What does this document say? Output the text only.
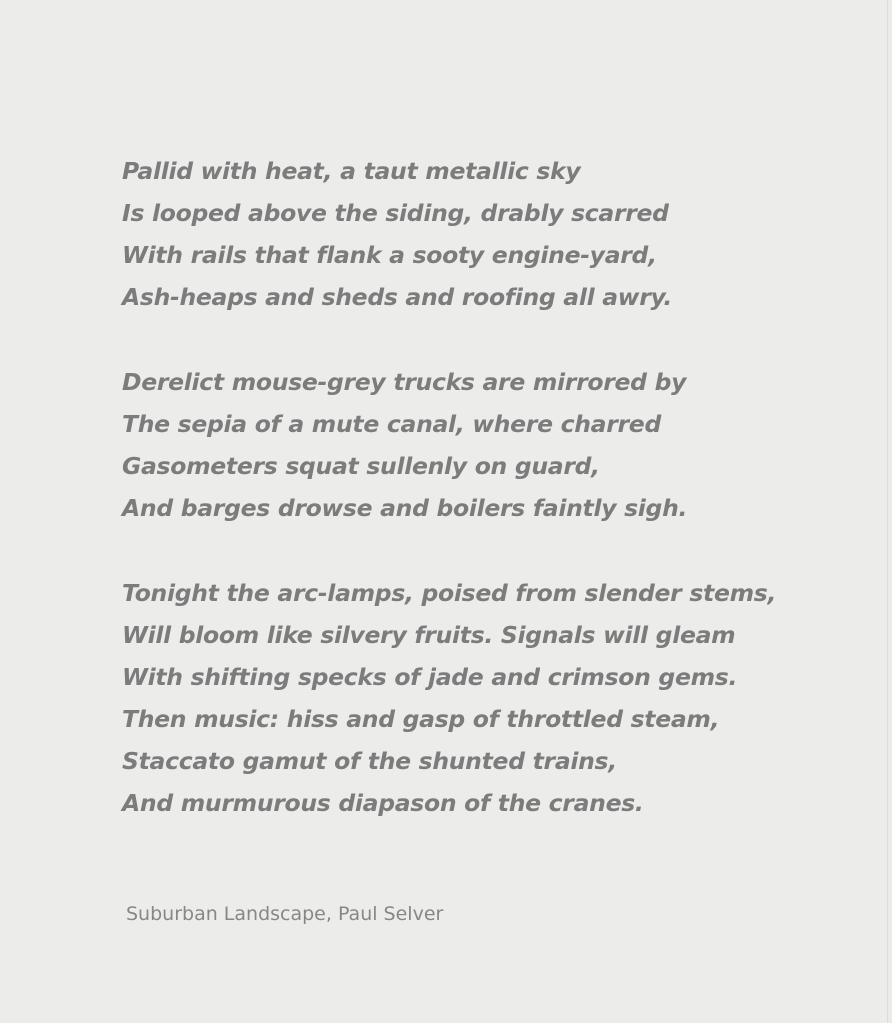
Pallid with heat, a taut metallic sky
Is looped above the siding, drably scarred
With rails that flank a sooty engine-yard,
Ash-heaps and sheds and roofing all awry.
Derelict mouse-grey trucks are mirrored by
The sepia of a mute canal, where charred
Gasometers squat sullenly on guard,
And barges drowse and boilers faintly sigh.
Tonight the arc-lamps, poised from slender stems,
Will bloom like silvery fruits. Signals will gleam
With shifting specks of jade and crimson gems.
Then music: hiss and gasp of throttled steam,
Staccato gamut of the shunted trains,
And murmurous diapason of the cranes.
Suburban Landscape, Paul Selver
